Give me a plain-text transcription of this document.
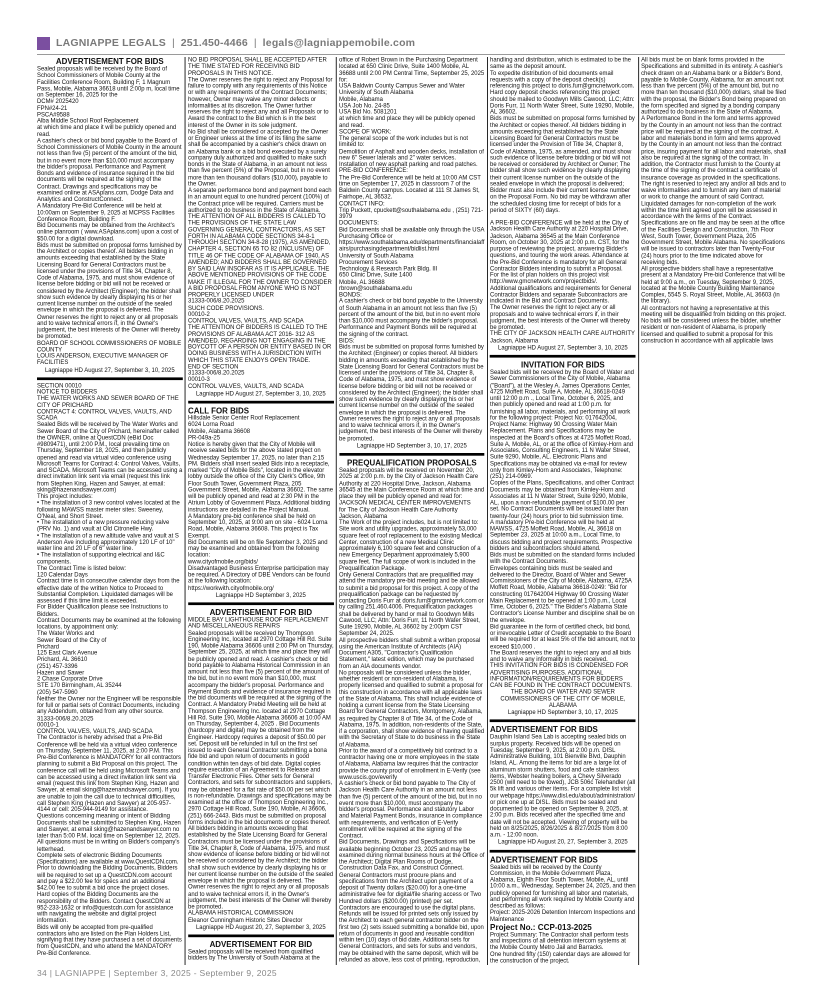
LAGNIAPPE LEGALS | 251.450-4466 | legals@lagniappemobile.com
ADVERTISEMENT FOR BIDS
Sealed proposals will be received by the Board of School Commissioners of Mobile County at the Facilities Conference Room, Building F, 1 Magnum Pass, Mobile, Alabama 36618 until 2:00p m, local time on September 16, 2025 for the
DCM# 2025420
FPN#24-21
PSCA#9588
Alba Middle School Roof Replacement
at which time and place it will be publicly opened and read.
A cashier's check or bid bond payable to the Board of School Commissioners of Mobile County in the amount not less than five (5) percent of the amount of the bid, but in no event more than $10,000 must accompany the bidder's proposal. Performance and Payment Bonds and evidence of insurance required in the bid documents will be required at the signing of the Contract. Drawings and specifications may be examined online at ASAplans.com, Dodge Data and Analytics and ConstructConnect.
A Mandatory Pre-Bid Conference will be held at 10:00am on September 9, 2025 at MCPSS Facilities Conference Room, Building F.
Bid Documents may be obtained from the Architect's online planroom ( www.ASAplans.com) upon a cost of $50.00 for a digital download.
Bids must be submitted on proposal forms furnished by the Architect or copies thereof. All bidders bidding in amounts exceeding that established by the State Licensing Board for General Contractors must be licensed under the provisions of Title 34, Chapter 8, Code of Alabama, 1975, and must show evidence of license before bidding or bid will not be received or considered by the Architect (Engineer); the bidder shall show such evidence by clearly displaying his or her current license number on the outside of the sealed envelope in which the proposal is delivered. The Owner reserves the right to reject any or all proposals and to waive technical errors if, in the Owner's judgement, the best interests of the Owner will thereby be promoted.
BOARD OF SCHOOL COMMISSIONERS OF MOBILE COUNTY
LOUIS ANDERSON, EXECUTIVE MANAGER OF FACILITIES
Lagniappe HD August 27, September 3, 10, 2025
SECTION 00010
NOTICE TO BIDDERS
THE WATER WORKS AND SEWER BOARD OF THE CITY OF PRICHARD
CONTRACT 4: CONTROL VALVES, VAULTS, AND SCADA
Sealed Bids will be received by The Water Works and Sewer Board of the City of Prichard, hereinafter called the OWNER, online at QuestCDN (eBid Doc #9809471), until 2:00 P.M., local prevailing time on Thursday, September 18, 2025, and then publicly opened and read via virtual video conference using Microsoft Teams for Contract 4: Control Valves, Vaults, and SCADA. Microsoft Teams can be accessed using a direct invitation link sent via email (request this link from Stephen King, Hazen and Sawyer, at email: sking@hazenandsawyer.com)
This project includes:
• The installation of 3 new control valves located at the following MAWSS master meter sites: Sweeney, O'Neal, and Short Street.
• The installation of a new pressure reducing valve (PRV No. 1) and vault at Old Citronelle Hwy.
• The installation of a new altitude valve and vault at S Anderson Ave including approximately 120 LF of 10" water line and 20 LF of 6" water line.
• The installation of supporting electrical and I&C components.
The Contract Time is listed below:
120 Calendar Days
Contract time is in consecutive calendar days from the effective date of the written Notice to Proceed to Substantial Completion. Liquidated damages will be assessed if this time limit is exceeded.
For Bidder Qualification please see Instructions to Bidders.
Contract Documents may be examined at the following locations, by appointment only:
The Water Works and
Sewer Board of the City of
Prichard
125 East Clark Avenue
Prichard, AL 36610
(251) 457-3396
Hazen and Sawer
2 Chase Corporate Drive
STE 170 Birmingham, AL 35244
(205) 547-5960
Neither the Owner nor the Engineer will be responsible for full or partial sets of Contract Documents, including any Addendum, obtained from any other source.
31333-006/8.20.2025
00010-1
CONTROL VALVES, VAULTS, AND SCADA
The Contractor is hereby advised that a Pre-Bid Conference will be held via a virtual video conference on Thursday, September 11, 2025, at 2:00 P.M. This Pre-Bid Conference is MANDATORY for all contractors planning to submit a Bid Proposal on this project. The conference call will be held using Microsoft Teams and can be accessed using a direct invitation link sent via email (request this link from Stephen King, Hazen and Sawyer, at email sking@hazenandsawyer.com). If you are unable to join the call due to technical difficulties, call Stephen King (Hazen and Sawyer) at 205-957-4144 or cell: 205-944-9149 for assistance.
Questions concerning meaning or intent of Bidding Documents shall be submitted to Stephen King, Hazen and Sawyer, at email sking@hazenandsawyer.com no later than 5:00 P.M. local time on September 12, 2025. All questions must be in writing on Bidder's company's letterhead.
Complete sets of electronic Bidding Documents (Specifications) are available at www.QuestCDN.com. Prior to downloading the Bidding Documents, Bidders will be required to set up a QuestCDN.com account and pay a $22.00 fee for specs and an additional $42.00 fee to submit a bid once the project closes. Hard copies of the Bidding Documents are the responsibility of the Bidders. Contact QuestCDN at 952-233-1632 or info@questcdn.com for assistance with navigating the website and digital project information.
Bids will only be accepted from pre-qualified contractors who are listed on the Plan Holders List, signifying that they have purchased a set of documents from QuestCDN, and who attend the MANDATORY Pre-Bid Conference.
NO BID PROPOSAL SHALL BE ACCEPTED AFTER THE TIME STATED FOR RECEIVING BID PROPOSALS IN THIS NOTICE.
The Owner reserves the right to reject any Proposal for failure to comply with any requirements of this Notice or with any requirements of the Contract Documents; however, Owner may waive any minor defects or informalities at its discretion. The Owner further reserves the right to reject any and all Proposals or to Award the contract to the Bid which is in the best interest of the Owner in its sole judgment.
No Bid shall be considered or accepted by the Owner or Engineer unless at the time of its filing the same shall be accompanied by a cashier's check drawn on an Alabama bank or a bid bond executed by a surety company duly authorized and qualified to make such bonds in the State of Alabama, in an amount not less than five percent (5%) of the Proposal, but in no event more than ten thousand dollars ($10,000), payable to the Owner.
A separate performance bond and payment bond each in an amount equal to one hundred percent (100%) of the Contract price will be required. Carriers must be authorized to do business in the State of Alabama.
THE ATTENTION OF ALL BIDDERS IS CALLED TO THE PROVISIONS OF THE STATE LAW GOVERNING GENERAL CONTRACTORS, AS SET FORTH IN ALABAMA CODE SECTIONS 34-8-1 THROUGH SECTION 34-8-28 (1975), AS AMENDED, CHAPTER 4, SECTION 65 TO 82 (INCLUSIVE) OF TITLE 46 OF THE CODE OF ALABAMA OF 1940, AS AMENDED; AND BIDDERS SHALL BE GOVERNED BY SAID LAW INSOFAR AS IT IS APPLICABLE. THE ABOVE MENTIONED PROVISIONS OF THE CODE MAKE IT ILLEGAL FOR THE OWNER TO CONSIDER A BID PROPOSAL FROM ANYONE WHO IS NOT PROPERLY LICENSED UNDER
31333-006/8.20.2025
SUCH CODE PROVISIONS.
00010-2
CONTROL VALVES, VAULTS, AND SCADA
THE ATTENTION OF BIDDERS IS CALLED TO THE PROVISIONS OF ALABAMA ACT 2016- 312 AS AMENDED, REGARDING NOT ENGAGING IN THE BOYCOTT OF A PERSON OR ENTITY BASED IN OR DOING BUSINESS WITH A JURISDICTION WITH WHICH THIS STATE ENJOYS OPEN TRADE.
END OF SECTION
31333-006/8.20.2025
00010-3
CONTROL VALVES, VAULTS, AND SCADA
Lagniappe HD August 27, September 3, 10, 2025
CALL FOR BIDS
Hillsdale Senior Center Roof Replacement
6024 Lorna Road
Mobile, Alabama 36608
PR-049a-25
Notice is hereby given that the City of Mobile will receive sealed bids for the above stated project on Wednesday September 17, 2025, no later than 2:15 PM. Bidders shall insert sealed Bids into a receptacle, marked "City of Mobile Bids", located in the elevator lobby outside the office of the City Clerk's Office, 9th Floor South Tower, Government Plaza, 205 Government Street, Mobile, Alabama 36602. The same will be publicly opened and read at 2:30 PM in the Atrium Lobby of Government Plaza. Additional bidding instructions are detailed in the Project Manual.
A Mandatory pre-bid conference shall be held on September 10, 2025, at 9:00 am on site - 6024 Lorna Road, Mobile, Alabama 36608. This project is Tax Exempt.
Bid Documents will be on file September 3, 2025 and may be examined and obtained from the following location:
www.cityofmobile.org/bids/
Disadvantaged Business Enterprise participation may be required. A Directory of DBE Vendors can be found at the following location:
https://workwith.cityofmobile.org/
Lagniappe HD September 3, 2025
ADVERTISEMENT FOR BID
MIDDLE BAY LIGHTHOUSE ROOF REPLACEMENT AND MISCELLANEOUS REPAIRS
Sealed proposals will be received by Thompson Engineering Inc, located at 2970 Cottage Hill Rd. Suite 190, Mobile Alabama 36606 until 2:00 PM on Thursday, September 25, 2025, at which time and place they will be publicly opened and read. A cashier's check or bid bond payable to Alabama Historical Commission in an amount not less than five (5) percent of the amount of the bid, but in no event more than $10,000, must accompany the bidder's proposal. Performance and Payment Bonds and evidence of insurance required in the bid documents will be required at the signing of the Contract. A Mandatory Prebid Meeting will be held at Thompson Engineering Inc. located at 2970 Cottage Hill Rd. Suite 190, Mobile Alabama 36606 at 10:00 AM on Thursday, September 4, 2025 . Bid Documents (hardcopy and digital) may be obtained from the Engineer. Hardcopy requires a deposit of $50.00 per set. Deposit will be refunded in full on the first set issued to each General Contractor submitting a bona fide bid and upon return of documents in good condition within ten days of bid date. Digital copies require execution of an Agreement to Release and Transfer Electronic Files. Other sets for General Contractors, and sets for subcontractors and suppliers, may be obtained for a flat rate of $50.00 per set which is non-refundable. Drawings and specifications may be examined at the office of Thompson Engineering Inc., 2970 Cottage Hill Road, Suite 190, Mobile, Al 36606, (251) 666-2443. Bids must be submitted on proposal forms included in the bid documents or copies thereof. All bidders bidding in amounts exceeding that established by the State Licensing Board for General Contractors must be licensed under the provisions of Title 34, Chapter 8, Code of Alabama, 1975, and must show evidence of license before bidding or bid will not be received or considered by the Architect; the bidder shall show such evidence by clearly displaying his or her current license number on the outside of the sealed envelope in which the proposal is delivered. The Owner reserves the right to reject any or all proposals and to waive technical errors if, in the Owner's judgement, the best interests of the Owner will thereby be promoted.
ALABAMA HISTORICAL COMMISSION
Eleanor Cunningham Historic Sites Director
Lagniappe HD August 20, 27, September 3, 2025
ADVERTISEMENT FOR BID
Sealed proposals will be received from qualified bidders by The University of South Alabama at the office of Robert Brown in the Purchasing Department located at 650 Clinic Drive, Suite 1400 Mobile, AL 36688 until 2:00 PM Central Time, September 25, 2025 for:
USA Baldwin County Campus Sewer and Water
University of South Alabama
Mobile, Alabama
USA Job No. 24-85
USA Bid No. 5081201
at which time and place they will be publicly opened and read.
SCOPE OF WORK:
The general scope of the work includes but is not limited to:
Demolition of Asphalt and wooden decks, installation of new 6" Sewer laterals and 2" water services. Installation of new asphalt parking and road patches.
PRE-BID CONFERENCE:
The Pre-Bid Conference will be held at 10:00 AM CST time on September 17, 2025 in classroom 7 of the Baldwin County campus. Located at 111 St James St, Fairhope, AL 36532.
CONTACT INFO:
Trip Puckett, cpuckett@southalabama.edu , (251) 721-3979
DOCUMENTS:
Bid Documents shall be available only through the USA Purchasing Office or https://www.southalabama.edu/departments/financialaffairs/purchasingdepartment/bidlist.html
University of South Alabama
Procurement Services
Technology & Research Park Bldg. III
650 Clinic Drive, Suite 1400
Mobile, AL 36688
rbrown@southalabama.edu
BONDS:
A cashier's check or bid bond payable to the University of South Alabama in an amount not less than five (5) percent of the amount of the bid, but in no event more than $10,000 must accompany the bidder's proposal. Performance and Payment Bonds will be required at the signing of the contract.
BIDS:
Bids must be submitted on proposal forms furnished by the Architect (Engineer) or copies thereof. All bidders bidding in amounts exceeding that established by the State Licensing Board for General Contractors must be licensed under the provisions of Title 34, Chapter 8, Code of Alabama, 1975, and must show evidence of license before bidding or bid will not be received or considered by the Architect (Engineer); the bidder shall show such evidence by clearly displaying his or her current license number on the outside of the sealed envelope in which the proposal is delivered. The Owner reserves the right to reject any or all proposals and to waive technical errors if, in the Owner's judgement, the best interests of the Owner will thereby be promoted.
Lagniappe HD September 3, 10, 17, 2025
PREQUALIFICATION PROPOSALS
Sealed proposals will be received on November 20, 2025 at 2:00 p.m. by the City of Jackson Health Care Authority at 220 Hospital Drive, Jackson, Alabama 36545 at the Main Conference Room at which time and place they will be publicly opened and read for:
JACKSON MEDICAL CENTER IMPROVEMENTS
for The City of Jackson Health Care Authority
Jackson, Alabama
The Work of the project includes, but is not limited to: Site work and utility upgrades, approximately 53,000 square feet of roof replacement to the existing Medical Center, construction of a new Medical Clinic approximately 6,100 square feet and construction of a new Emergency Department approximately 5,900 square feet. The full scope of work is included in the Prequalification Package.
Only General Contractors that are prequalified may attend the mandatory pre-bid meeting and be allowed to submit a bid proposal for this project. A copy of the prequalification package can be requested by contacting Doris Furr at doris.furr@gmcnetwork.com or by calling 251.460.4006. Prequalification packages shall be delivered by hand or mail to Goodwyn Mills Cawood, LLC; Attn: Doris Furr, 11 North Water Street, Suite 19290, Mobile, AL 36602 by 2:00pm CST September 24, 2025.
All prospective bidders shall submit a written proposal using the American Institute of Architects (AIA) Document A305, "Contractor's Qualification Statement," latest edition, which may be purchased from an AIA documents vendor.
No proposals will be considered unless the bidder, whether resident or non-resident of Alabama, is properly licensed and qualified to submit a proposal for this construction in accordance with all applicable laws of the State of Alabama. This shall include evidence of holding a current license from the State Licensing Board for General Contractors, Montgomery, Alabama, as required by Chapter 8 of Title 34, of the Code of Alabama, 1975. In addition, non-residents of the State, if a corporation, shall show evidence of having qualified with the Secretary of State to do business in the State of Alabama.
Prior to the award of a competitively bid contract to a contractor having one or more employees in the state of Alabama, Alabama law requires that the contractor provide the county proof of enrollment in E-Verify (see www.uscis.gov/everify
A cashier's check or bid bond payable to The City of Jackson Health Care Authority in an amount not less than five (5) percent of the amount of the bid, but in no event more than $10,000, must accompany the bidder's proposal. Performance and statutory Labor and Material Payment Bonds, insurance in compliance with requirements, and verification of E-Verify enrollment will be required at the signing of the Contract.
Bid Documents, Drawings and Specifications will be available beginning October 23, 2025 and may be examined during normal business hours at the Office of the Architect; Digital Plan Rooms of Dodge, Construction Data Fax, and Construct Connect.
General Contractors must procure plans and specifications from the Architect upon payment of a deposit of Twenty dollars ($20.00) for a one-time administrative fee for digital/file sharing access or Two Hundred dollars ($200.00) (printed) per set. Contractors are encouraged to use the digital plans. Refunds will be issued for printed sets only issued by the Architect to each general contractor bidder on the first two (2) sets issued submitting a bonafide bid, upon return of documents in good and reusable condition within ten (10) days of bid date. Additional sets for General Contractors, and sets for subs and vendors, may be obtained with the same deposit, which will be refunded as above, less cost of printing, reproduction, handling and distribution, which is estimated to be the same as the deposit amount.
To expedite distribution of bid documents email requests with a copy of the deposit check(s) referencing this project to doris.furr@gmcnetwork.com. Hard copy deposit checks referencing this project should be mailed to Goodwyn Mills Cawood, LLC; Attn: Doris Furr, 11 North Water Street, Suite 19290, Mobile, AL 36602.
Bids must be submitted on proposal forms furnished by the Architect or copies thereof. All bidders bidding in amounts exceeding that established by the State Licensing Board for General Contractors must be licensed under the Provision of Title 34, Chapter 8, Code of Alabama, 1975, as amended, and must show such evidence of license before bidding or bid will not be received or considered by Architect or Owner; The bidder shall show such evidence by clearly displaying their current license number on the outside of the sealed envelope in which the proposal is delivered; Bidder must also include their current license number on the Proposal Form. No bid may be withdrawn after the scheduled closing time for receipt of bids for a period of SIXTY (60) days.
A PRE-BID CONFERENCE will be held at the City of Jackson Health Care Authority at 220 Hospital Drive, Jackson, Alabama 36545 at the Main Conference Room, on October 30, 2025 at 2:00 p.m. CST, for the purpose of reviewing the project, answering Bidder's questions, and touring the work areas. Attendance at the Pre-Bid Conference is mandatory for all General Contractor Bidders intending to submit a Proposal.
For the list of plan holders on this project visit http://www.gmcnetwork.com/projectbids/.
Additional qualifications and requirements for General Contractor Bidders and separate Subcontractors are indicated in the Bid and Contract Documents.
The Owner reserves the right to reject any or all proposals and to waive technical errors if, in their judgment, the best interests of the Owner will thereby be promoted.
THE CITY OF JACKSON HEALTH CARE AUTHORITY
Jackson, Alabama
Lagniappe HD August 27, September 3, 10, 2025
INVITATION FOR BIDS
Sealed bids will be received by the Board of Water and Sewer Commissioners of the City of Mobile, Alabama ("Board"), at the Wesley A. James Operations Center, 4725 Moffett Road, Suite A, Mobile, AL 36618-0249 until 12:00 p.m ., Local Time, October 6, 2025, and then publicly opened and read at 1:00 p.m. for furnishing all labor, materials, and performing all work for the following project: Project No: 017642004, Project Name: Highway 90 Crossing Water Main Replacement. Plans and Specifications may be inspected at the Board's offices at 4725 Moffett Road, Suite A, Mobile, AL, or at the office of Kimley-Horn and Associates, Consulting Engineers, 11 N Water Street, Suite 9290, Mobile, AL. Electronic Plans and Specifications may be obtained via e-mail for review only from Kimley-Horn and Associates, Telephone: (251) 214-0969.
Copies of the Plans, Specifications, and other Contract Documents may be obtained from Kimley-Horn and Associates at 11 N Water Street, Suite 9290, Mobile, AL, upon a non-refundable payment of $100.00 per set. No Contract Documents will be issued later than twenty-four (24) hours prior to bid submission time.
A mandatory Pre-bid Conference will be held at MAWSS, 4725 Moffett Road, Mobile, AL 36618 on September 23, 2025 at 10:00 a.m., Local Time, to discuss bidding and project requirements. Prospective bidders and subcontractors should attend.
Bids must be submitted on the standard forms included with the Contract Documents.
Envelopes containing bids must be sealed and delivered to the Director, Board of Water and Sewer Commissioners of the City of Mobile, Alabama, 4725A Moffett Road, Mobile, Alabama 36618-0249: "Bid for constructing 017642004 Highway 90 Crossing Water Main Replacement to be opened at 1:00 p.m., Local Time, October 6, 2025." The Bidder's Alabama State Contractor's License Number and discipline shall be on the envelope.
Bid guarantee in the form of certified check, bid bond, or irrevocable Letter of Credit acceptable to the Board will be required for at least 5% of the bid amount, not to exceed $10,000 .
The Board reserves the right to reject any and all bids and to waive any informality in bids received.
THIS INVITATION FOR BIDS IS CONDENSED FOR ADVERTISING PURPOSES. ADDITIONAL INFORMATION/REQUIREMENTS FOR BIDDERS CAN BE FOUND IN THE CONTRACT DOCUMENTS.
THE BOARD OF WATER AND SEWER COMMISSIONERS OF THE CITY OF MOBILE, ALABAMA
Lagniappe HD September 3, 10, 17, 2025
ADVERTISEMENT FOR BIDS
Dauphin Island Sea Lab is accepting sealed bids on surplus property. Received bids will be opened on Tuesday, September 9, 2025, at 2:00 p.m. DISL Administrative Building, 101 Bienville Blvd, Dauphin Island, AL. Among the items for bid are a large lot of aluminum storm shutters, food and cafe stainless items, Webster heating boilers, a Chevy Silverado 2500 (will need to be towed), JCB 506c Telehandler (all 5k lift and various other items. For a complete list visit our webpage https://www.disl.edu/about/administration/ or pick one up at DISL. Bids must be sealed and documented to be opened on September 9, 2025, at 2:00 p.m. Bids received after the specified time and date will not be accepted. Viewing of property will be held on 8/25/2025, 8/26/2025 & 8/27/2025 from 8:00 a.m. - 12:00 noon.
Lagniappe HD August 20, 27, September 3, 2025
ADVERTISEMENT FOR BIDS
Sealed bids will be received by the County Commission, in the Mobile Government Plaza, Alabama, Eighth Floor South Tower, Mobile, AL, until 10:00 a.m., Wednesday, September 24, 2025, and then publicly opened for furnishing all labor and materials, and performing all work required by Mobile County and described as follows:
Project: 2025-2026 Detention Intercom Inspections and Maintenance
Project No.: CCP-013-2025
Project Summary: The Contractor shall perform tests and inspections of all detention intercom systems at the Mobile County Metro Jail and Barracks.
One hundred fifty (150) calendar days are allowed for the construction of the project.
All bids must be on blank forms provided in the Specifications and submitted in its entirety. A cashier's check drawn on an Alabama bank or a Bidder's Bond, payable to Mobile County, Alabama, for an amount not less than five percent (5%) of the amount bid, but no more than ten thousand ($10,000) dollars, shall be filed with the proposal, the Bidder's Bond being prepared on the form specified and signed by a bonding company authorized to do business in the State of Alabama.
A Performance Bond in the form and terms approved by the County in an amount not less than the contract price will be required at the signing of the contract. A labor and materials bond in form and terms approved by the County in an amount not less than the contract price, insuring payment for all labor and materials, shall also be required at the signing of the contract. In addition, the Contractor must furnish to the County at the time of the signing of the contract a certificate of insurance coverage as provided in the specifications.
The right is reserved to reject any and/or all bids and to waive informalities and to furnish any item of material or work to change the amount of said Contract.
Liquidated damages for non-completion of the work within the time limit agreed upon will be assessed in accordance with the terms of the Contract.
Specifications are on file and may be seen at the office of the Facilities Design and Construction, 7th Floor West, South Tower, Government Plaza, 205 Government Street, Mobile Alabama. No specifications will be issued to contractors later than Twenty-Four (24) hours prior to the time indicated above for receiving bids.
All prospective bidders shall have a representative present at a Mandatory Pre-bid Conference that will be held at 9:00 a.m., on Tuesday, September 9, 2025, located at the Mobile County Building Maintenance Complex, 5545 S. Royal Street, Mobile, AL 36603 (in the library).
All contractors not having a representative at this meeting will be disqualified from bidding on this project.
No bids will be considered unless the bidder, whether resident or non-resident of Alabama, is properly licensed and qualified to submit a proposal for this construction in accordance with all applicable laws
34 | LAGNIAPPE | September 3, 2025 - September 9, 2025
